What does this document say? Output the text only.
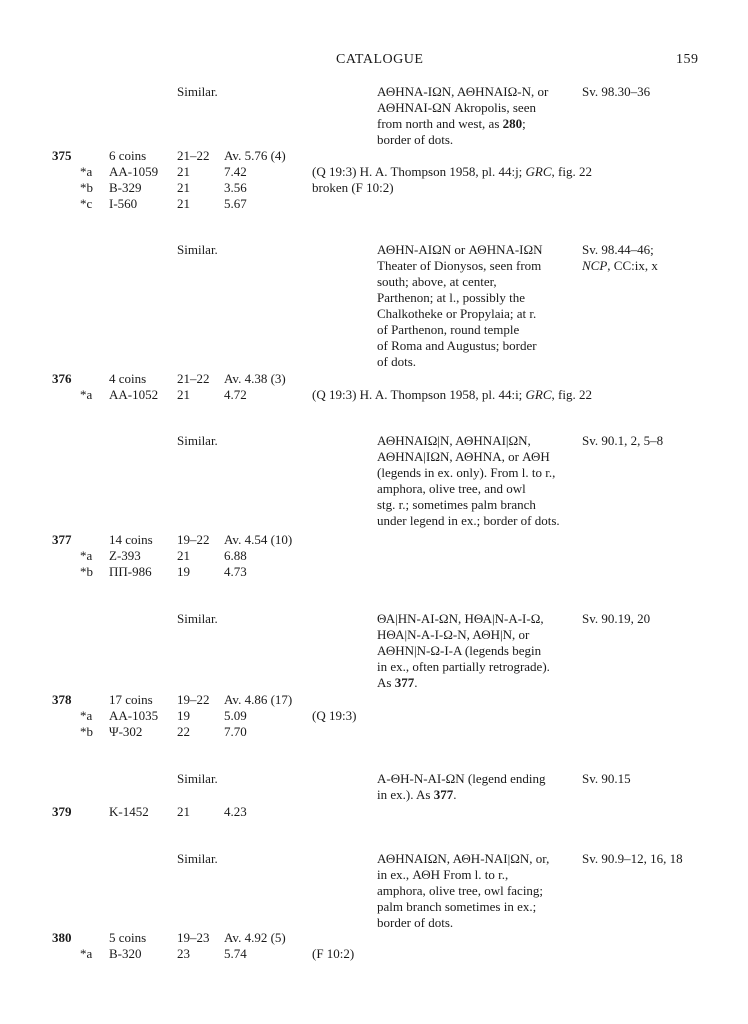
CATALOGUE	159
Similar.	ΑΘΗΝΑ-ΙΩΝ, ΑΘΗΝΑΙΩ-Ν, or
ΑΘΗΝΑΙ-ΩΝ Akropolis, seen
from north and west, as 280;
border of dots.
Sv. 98.30–36
375	6 coins 21–22 Av. 5.76 (4)
*a AA-1059 21	7.42	(Q 19:3) H. A. Thompson 1958, pl. 44:j; GRC, fig. 22
*b B-329	21	3.56	broken (F 10:2)
*c I-560	21	5.67
Similar.	ΑΘΗΝ-ΑΙΩΝ or ΑΘΗΝΑ-ΙΩΝ
Theater of Dionysos, seen from
south; above, at center,
Parthenon; at l., possibly the
Chalkotheke or Propylaia; at r.
of Parthenon, round temple
of Roma and Augustus; border
of dots.
Sv. 98.44–46;
NCP, CC:ix, x
376	4 coins 21–22 Av. 4.38 (3)
*a AA-1052 21	4.72	(Q 19:3) H. A. Thompson 1958, pl. 44:i; GRC, fig. 22
Similar.	ΑΘΗΝΑΙΩ|Ν, ΑΘΗΝΑΙ|ΩΝ,
ΑΘΗΝΑ|ΙΩΝ, ΑΘΗΝΑ, or ΑΘΗ
(legends in ex. only). From l. to r.,
amphora, olive tree, and owl
stg. r.; sometimes palm branch
under legend in ex.; border of dots.
Sv. 90.1, 2, 5–8
377	14 coins 19–22 Av. 4.54 (10)
*a Z-393	21	6.88
*b ΠΠ-986 19	4.73
Similar.	ΘΑ|ΗΝ-ΑΙ-ΩΝ, ΗΘΑ|Ν-Α-Ι-Ω,
ΗΘΑ|Ν-Α-Ι-Ω-Ν, ΑΘΗ|Ν, or
ΑΘΗΝ|Ν-Ω-Ι-Α (legends begin
in ex., often partially retrograde).
As 377.
Sv. 90.19, 20
378	17 coins 19–22 Av. 4.86 (17)
*a AA-1035 19	5.09	(Q 19:3)
*b Ψ-302	22	7.70
Similar.	Α-ΘΗ-Ν-ΑΙ-ΩΝ (legend ending
in ex.). As 377.
Sv. 90.15
379	K-1452 21	4.23
Similar.	ΑΘΗΝΑΙΩΝ, ΑΘΗ-ΝΑΙ|ΩΝ, or,
in ex., ΑΘΗ From l. to r.,
amphora, olive tree, owl facing;
palm branch sometimes in ex.;
border of dots.
Sv. 90.9–12, 16, 18
380	5 coins 19–23 Av. 4.92 (5)
*a B-320	23	5.74	(F 10:2)
